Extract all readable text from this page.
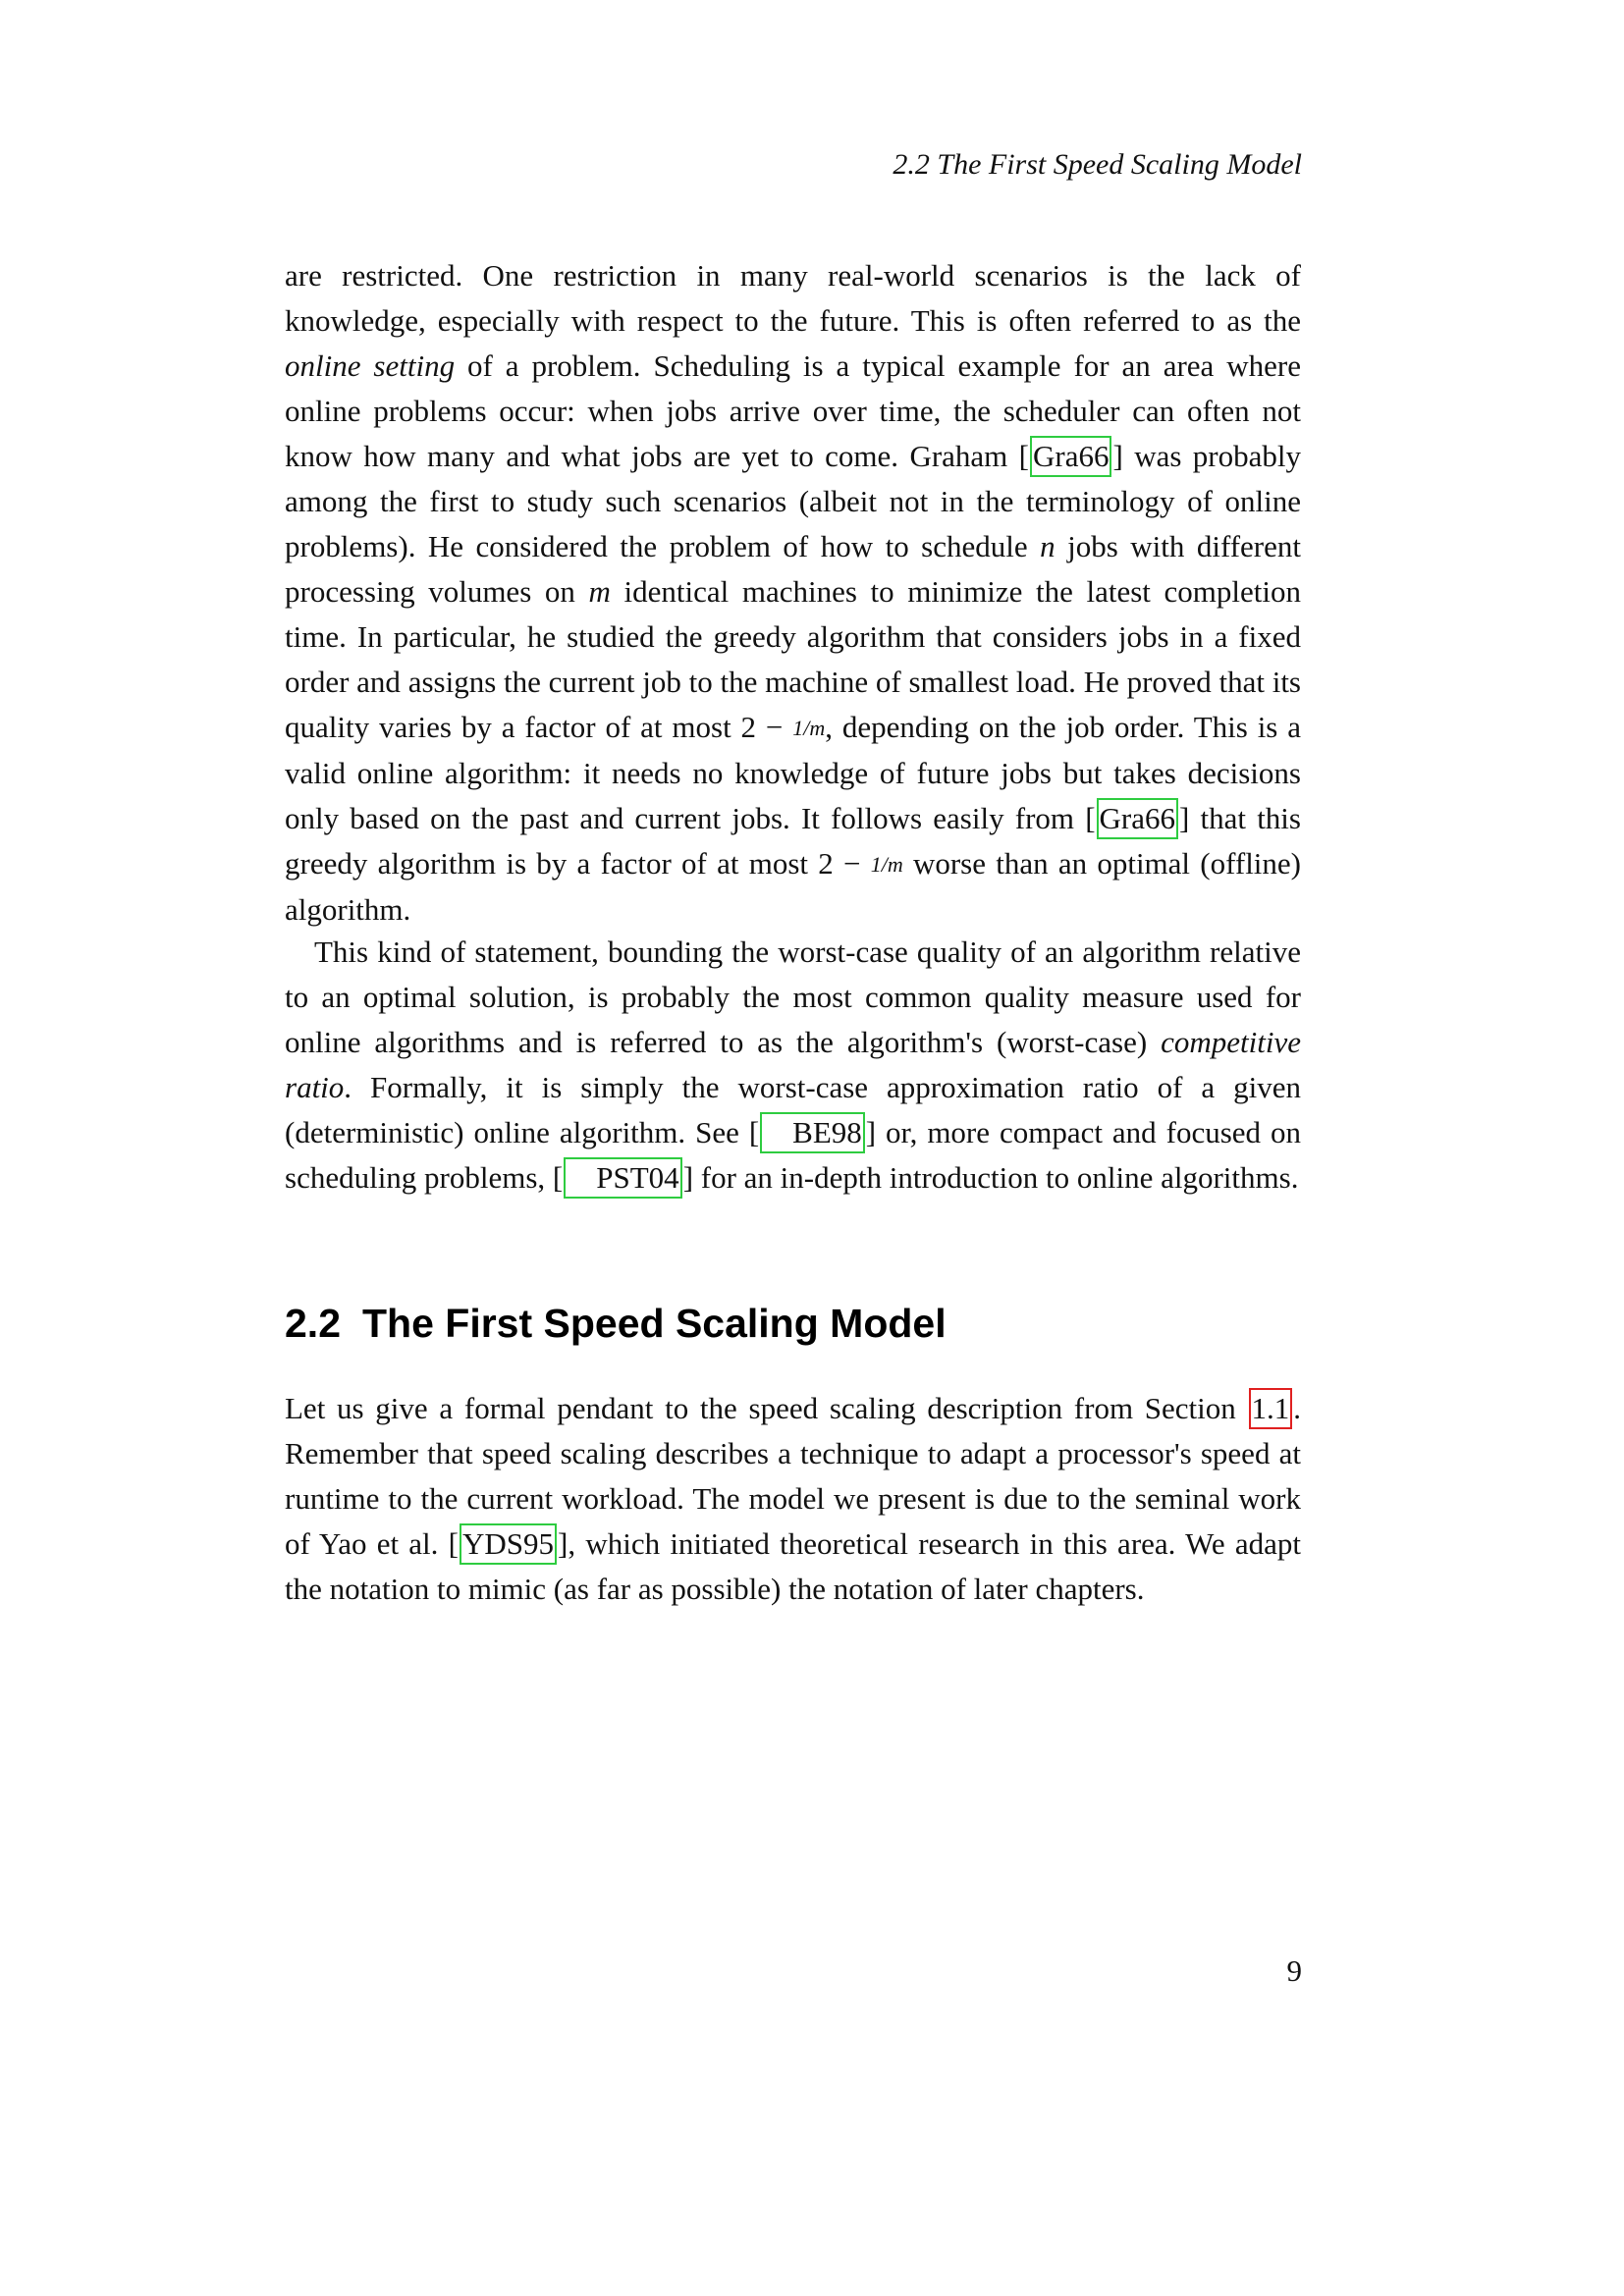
2.2 The First Speed Scaling Model

are restricted. One restriction in many real-world scenarios is the lack of knowledge, especially with respect to the future. This is often referred to as the online setting of a problem. Scheduling is a typical example for an area where online problems occur: when jobs arrive over time, the scheduler can often not know how many and what jobs are yet to come. Graham [ Gra66 ] was probably among the first to study such scenarios (albeit not in the terminology of online problems). He considered the problem of how to schedule n jobs with different processing volumes on m identical machines to minimize the latest completion time. In particular, he studied the greedy algorithm that considers jobs in a fixed order and assigns the current job to the machine of smallest load. He proved that its quality varies by a factor of at most 2 − 1/m, depending on the job order. This is a valid online algorithm: it needs no knowledge of future jobs but takes decisions only based on the past and current jobs. It follows easily from [ Gra66 ] that this greedy algorithm is by a factor of at most 2 − 1/m worse than an optimal (offline) algorithm.

This kind of statement, bounding the worst-case quality of an algorithm relative to an optimal solution, is probably the most common quality measure used for online algorithms and is referred to as the algorithm's (worst-case) competitive ratio. Formally, it is simply the worst-case approximation ratio of a given (deterministic) online algorithm. See [ BE98 ] or, more compact and focused on scheduling problems, [ PST04 ] for an in-depth introduction to online algorithms.

2.2 The First Speed Scaling Model

Let us give a formal pendant to the speed scaling description from Section 1.1 . Remember that speed scaling describes a technique to adapt a processor's speed at runtime to the current workload. The model we present is due to the seminal work of Yao et al. [ YDS95 ], which initiated theoretical research in this area. We adapt the notation to mimic (as far as possible) the notation of later chapters.

9
